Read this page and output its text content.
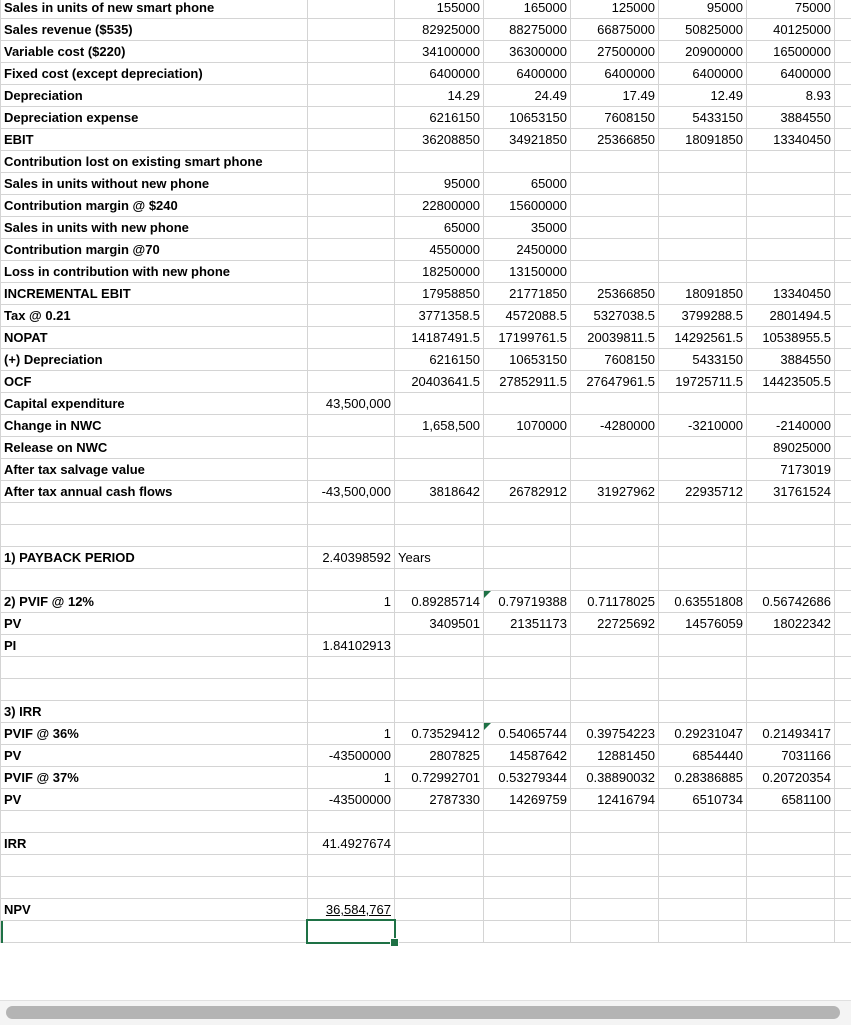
Sales in units of new smart phone		155000	165000	125000	95000	75000	
Sales revenue ($535)		82925000	88275000	66875000	50825000	40125000	
Variable cost ($220)		34100000	36300000	27500000	20900000	16500000	
Fixed cost (except depreciation)		6400000	6400000	6400000	6400000	6400000	
Depreciation		14.29	24.49	17.49	12.49	8.93	
Depreciation expense		6216150	10653150	7608150	5433150	3884550	
EBIT		36208850	34921850	25366850	18091850	13340450	
Contribution lost on existing smart phone							
Sales in units without new phone		95000	65000				
Contribution margin @ $240		22800000	15600000				
Sales in units with new phone		65000	35000				
Contribution margin @70		4550000	2450000				
Loss in contribution with new phone		18250000	13150000				
INCREMENTAL EBIT		17958850	21771850	25366850	18091850	13340450	
Tax @ 0.21		3771358.5	4572088.5	5327038.5	3799288.5	2801494.5	
NOPAT		14187491.5	17199761.5	20039811.5	14292561.5	10538955.5	
(+) Depreciation		6216150	10653150	7608150	5433150	3884550	
OCF		20403641.5	27852911.5	27647961.5	19725711.5	14423505.5	
Capital expenditure	43,500,000						
Change in NWC		1,658,500	1070000	-4280000	-3210000	-2140000	
Release on NWC						89025000	
After tax salvage value						7173019	
After tax annual cash flows	-43,500,000	3818642	26782912	31927962	22935712	31761524	

1) PAYBACK PERIOD	2.40398592	Years					

2) PVIF @ 12%	1	0.89285714	0.79719388	0.71178025	0.63551808	0.56742686	
PV		3409501	21351173	22725692	14576059	18022342	
PI	1.84102913						

3) IRR							
PVIF @ 36%	1	0.73529412	0.54065744	0.39754223	0.29231047	0.21493417	
PV	-43500000	2807825	14587642	12881450	6854440	7031166	
PVIF @ 37%	1	0.72992701	0.53279344	0.38890032	0.28386885	0.20720354	
PV	-43500000	2787330	14269759	12416794	6510734	6581100	

IRR	41.4927674						

NPV	36,584,767						
